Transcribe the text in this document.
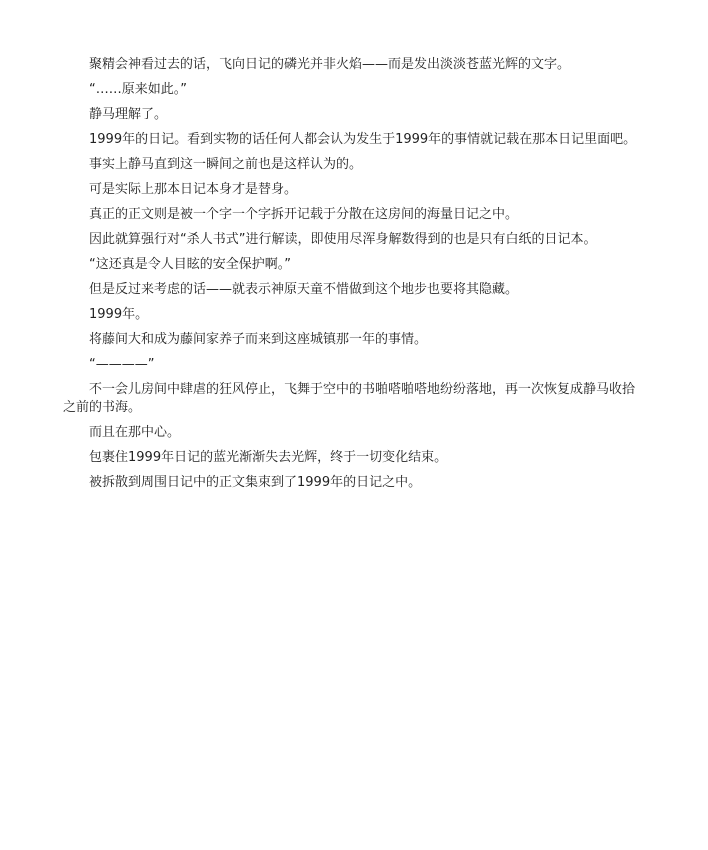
聚精会神看过去的话，飞向日记的磷光并非火焰——而是发出淡淡苍蓝光辉的文字。

“……原来如此。”

静马理解了。

1999年的日记。看到实物的话任何人都会认为发生于1999年的事情就记载在那本日记里面吧。

事实上静马直到这一瞬间之前也是这样认为的。

可是实际上那本日记本身才是替身。

真正的正文则是被一个字一个字拆开记载于分散在这房间的海量日记之中。

因此就算强行对“杀人书式”进行解读，即使用尽浑身解数得到的也是只有白纸的日记本。

“这还真是令人目眩的安全保护啊。”

但是反过来考虑的话——就表示神原天童不惜做到这个地步也要将其隐藏。

1999年。

将藤间大和成为藤间家养子而来到这座城镇那一年的事情。

“————”

不一会儿房间中肆虐的狂风停止，飞舞于空中的书啪嗒啪嗒地纷纷落地，再一次恢复成静马收拾之前的书海。

而且在那中心。

包裹住1999年日记的蓝光渐渐失去光辉，终于一切变化结束。

被拆散到周围日记中的正文集束到了1999年的日记之中。
